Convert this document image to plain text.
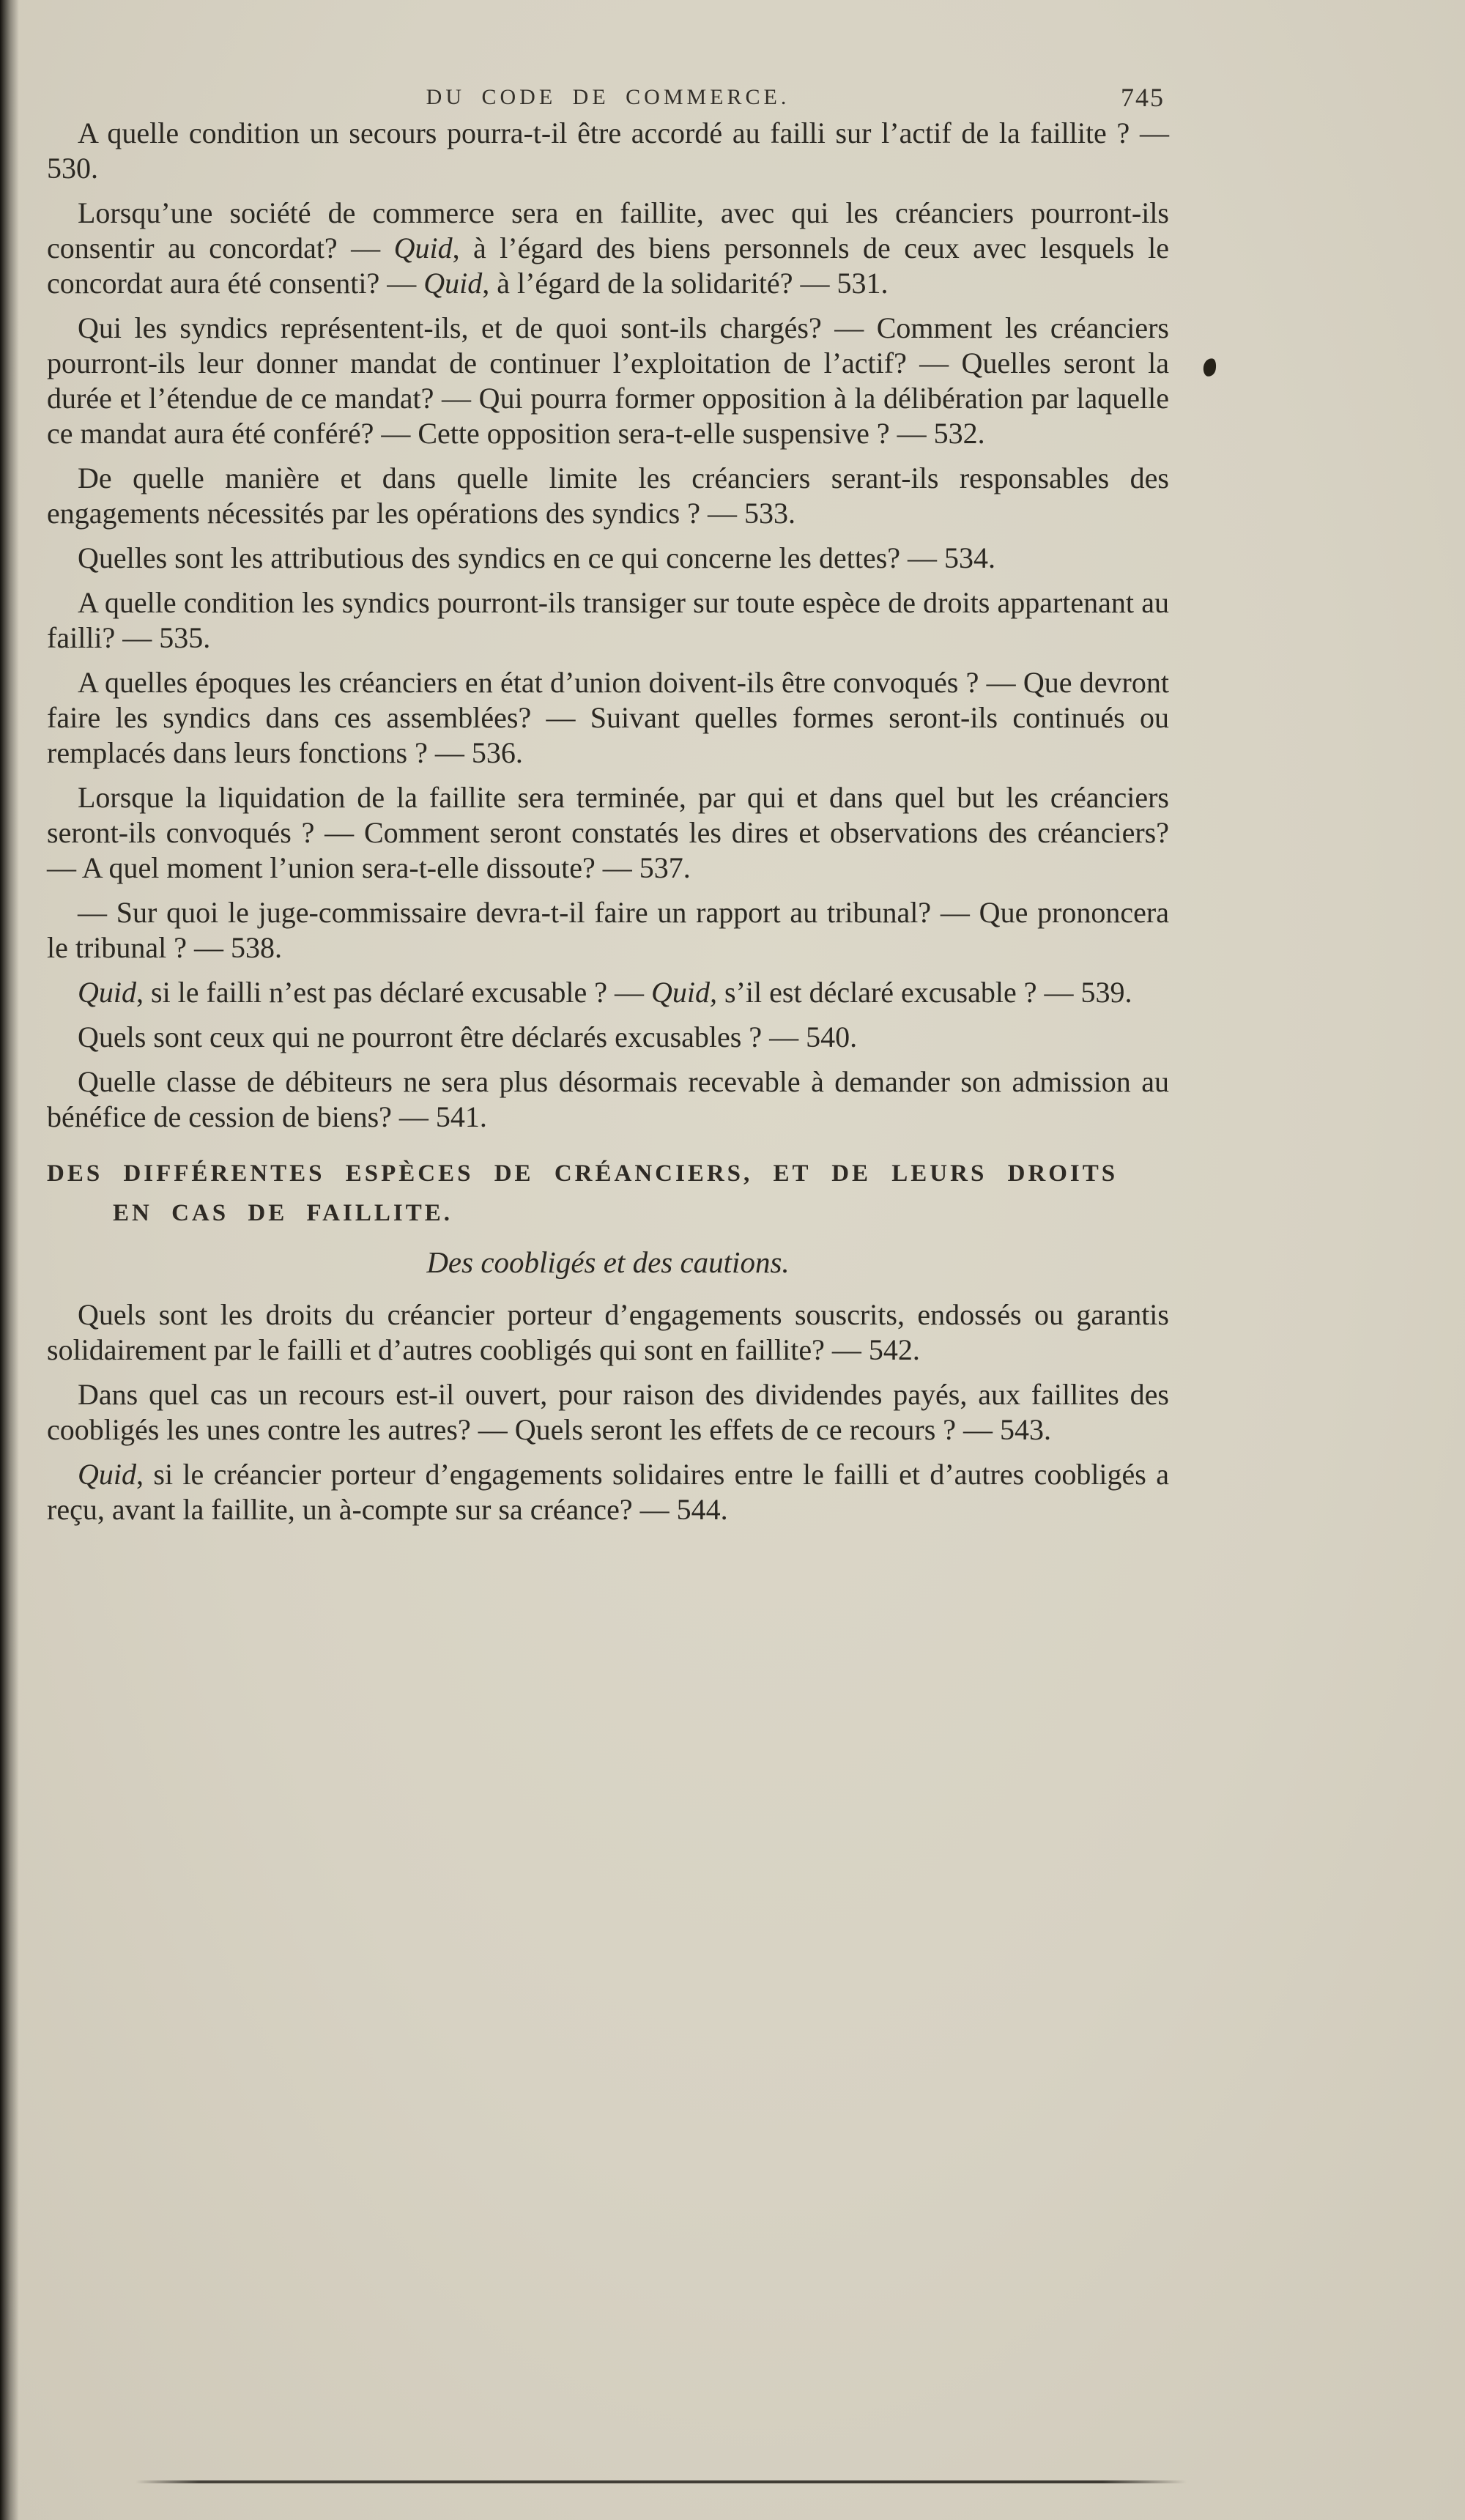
DU CODE DE COMMERCE.	745

A quelle condition un secours pourra-t-il être accordé au failli sur l’actif de la faillite ? — 530.

Lorsqu’une société de commerce sera en faillite, avec qui les créanciers pourront-ils consentir au concordat? — Quid, à l’égard des biens personnels de ceux avec lesquels le concordat aura été consenti? — Quid, à l’égard de la solidarité? — 531.

Qui les syndics représentent-ils, et de quoi sont-ils chargés? — Comment les créanciers pourront-ils leur donner mandat de continuer l’exploitation de l’actif? — Quelles seront la durée et l’étendue de ce mandat? — Qui pourra former opposition à la délibération par laquelle ce mandat aura été conféré? — Cette opposition sera-t-elle suspensive ? — 532.

De quelle manière et dans quelle limite les créanciers serant-ils responsables des engagements nécessités par les opérations des syndics ? — 533.

Quelles sont les attributious des syndics en ce qui concerne les dettes? — 534.

A quelle condition les syndics pourront-ils transiger sur toute espèce de droits appartenant au failli? — 535.

A quelles époques les créanciers en état d’union doivent-ils être convoqués ? — Que devront faire les syndics dans ces assemblées? — Suivant quelles formes seront-ils continués ou remplacés dans leurs fonctions ? — 536.

Lorsque la liquidation de la faillite sera terminée, par qui et dans quel but les créanciers seront-ils convoqués ? — Comment seront constatés les dires et observations des créanciers? — A quel moment l’union sera-t-elle dissoute? — 537.

— Sur quoi le juge-commissaire devra-t-il faire un rapport au tribunal? — Que prononcera le tribunal ? — 538.

Quid, si le failli n’est pas déclaré excusable ? — Quid, s’il est déclaré excusable ? — 539.

Quels sont ceux qui ne pourront être déclarés excusables ? — 540.

Quelle classe de débiteurs ne sera plus désormais recevable à demander son admission au bénéfice de cession de biens? — 541.

DES DIFFÉRENTES ESPÈCES DE CRÉANCIERS, ET DE LEURS DROITS
EN CAS DE FAILLITE.
Des coobligés et des cautions.

Quels sont les droits du créancier porteur d’engagements souscrits, endossés ou garantis solidairement par le failli et d’autres coobligés qui sont en faillite? — 542.

Dans quel cas un recours est-il ouvert, pour raison des dividendes payés, aux faillites des coobligés les unes contre les autres? — Quels seront les effets de ce recours ? — 543.

Quid, si le créancier porteur d’engagements solidaires entre le failli et d’autres coobligés a reçu, avant la faillite, un à-compte sur sa créance? — 544.
